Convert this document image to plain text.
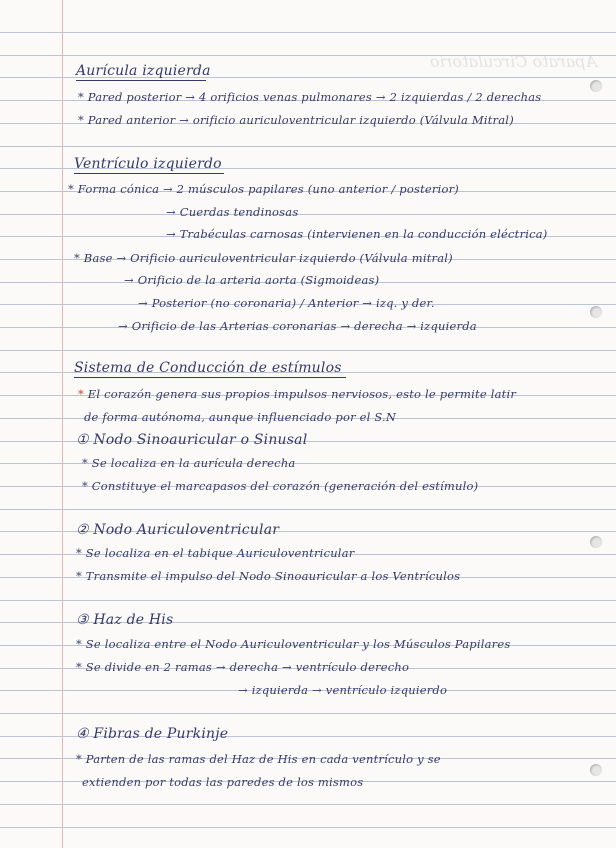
Aparato Circulatorio
Aurícula izquierda
* Pared posterior → 4 orificios venas pulmonares → 2 izquierdas / 2 derechas
* Pared anterior → orificio auriculoventricular izquierdo (Válvula Mitral)
Ventrículo izquierdo
* Forma cónica → 2 músculos papilares (uno anterior / posterior)
→ Cuerdas tendinosas
→ Trabéculas carnosas (intervienen en la conducción eléctrica)
* Base → Orificio auriculoventricular izquierdo (Válvula mitral)
→ Orificio de la arteria aorta (Sigmoideas)
→ Posterior (no coronaria) / Anterior → izq. y der.
→ Orificio de las Arterias coronarias → derecha → izquierda
Sistema de Conducción de estímulos
* El corazón genera sus propios impulsos nerviosos, esto le permite latir
de forma autónoma, aunque influenciado por el S.N
① Nodo Sinoauricular o Sinusal
* Se localiza en la aurícula derecha
* Constituye el marcapasos del corazón (generación del estímulo)
② Nodo Auriculoventricular
* Se localiza en el tabique Auriculoventricular
* Transmite el impulso del Nodo Sinoauricular a los Ventrículos
③ Haz de His
* Se localiza entre el Nodo Auriculoventricular y los Músculos Papilares
* Se divide en 2 ramas → derecha → ventrículo derecho
→ izquierda → ventrículo izquierdo
④ Fibras de Purkinje
* Parten de las ramas del Haz de His en cada ventrículo y se
extienden por todas las paredes de los mismos
